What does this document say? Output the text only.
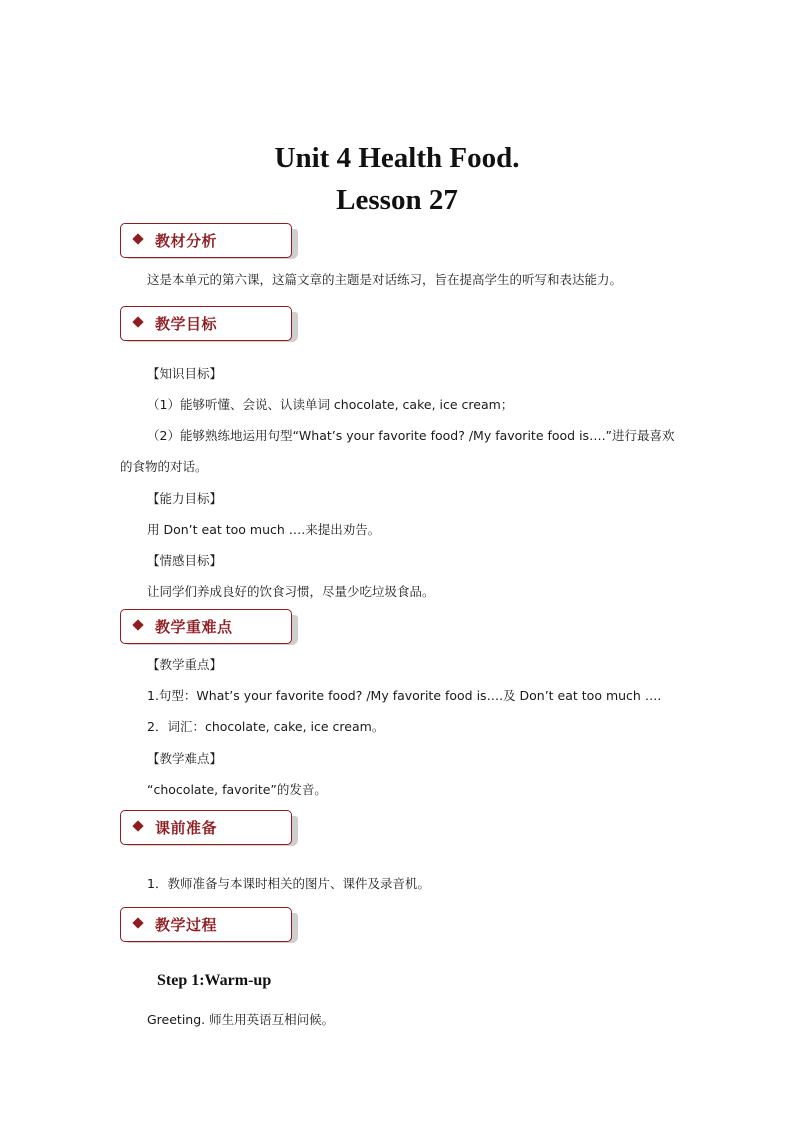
Unit 4 Health Food.
Lesson 27
教材分析

这是本单元的第六课，这篇文章的主题是对话练习，旨在提高学生的听写和表达能力。

教学目标

【知识目标】

（1）能够听懂、会说、认读单词 chocolate, cake, ice cream；

（2）能够熟练地运用句型“What’s your favorite food? /My favorite food is….”进行最喜欢

的食物的对话。

【能力目标】

用 Don’t eat too much ….来提出劝告。

【情感目标】

让同学们养成良好的饮食习惯，尽量少吃垃圾食品。

教学重难点

【教学重点】

1.句型：What’s your favorite food? /My favorite food is….及 Don’t eat too much ….

2．词汇：chocolate, cake, ice cream。

【教学难点】

“chocolate, favorite”的发音。

课前准备

1．教师准备与本课时相关的图片、课件及录音机。

教学过程

Step 1:Warm-up

Greeting. 师生用英语互相问候。
